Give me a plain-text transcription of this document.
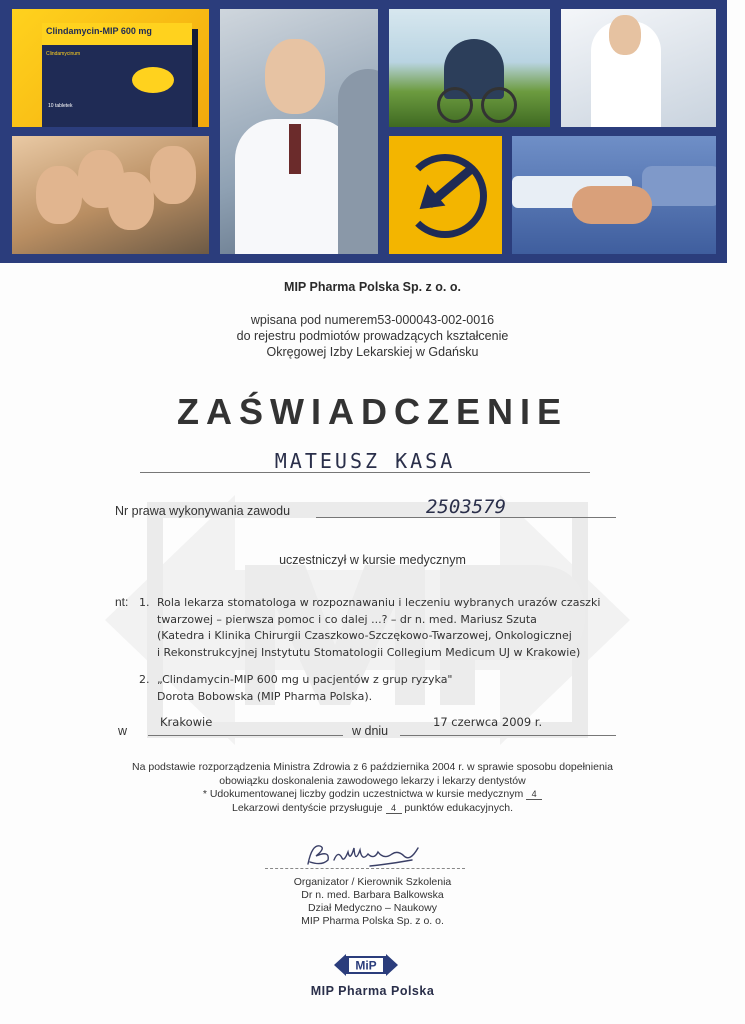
Clindamycin-MIP 600 mg
Clindamycinum
10 tabletek
MIP Pharma Polska Sp. z o. o.
wpisana pod numerem53-000043-002-0016
do rejestru podmiotów prowadzących kształcenie
Okręgowej Izby Lekarskiej w Gdańsku
ZAŚWIADCZENIE
MATEUSZ KASA
Nr prawa wykonywania zawodu	2503579
uczestniczył w kursie medycznym
nt: 1. Rola lekarza stomatologa w rozpoznawaniu i leczeniu wybranych urazów czaszki
twarzowej – pierwsza pomoc i co dalej ...? – dr n. med. Mariusz Szuta
(Katedra i Klinika Chirurgii Czaszkowo-Szczękowo-Twarzowej, Onkologicznej
i Rekonstrukcyjnej Instytutu Stomatologii Collegium Medicum UJ w Krakowie)
2. „Clindamycin-MIP 600 mg u pacjentów z grup ryzyka"
Dorota Bobowska (MIP Pharma Polska).
w
Krakowie
w dniu
17 czerwca 2009 r.
Na podstawie rozporządzenia Ministra Zdrowia z 6 października 2004 r. w sprawie sposobu dopełnienia
obowiązku doskonalenia zawodowego lekarzy i lekarzy dentystów
* Udokumentowanej liczby godzin uczestnictwa w kursie medycznym 4
Lekarzowi dentyście przysługuje 4 punktów edukacyjnych.
Organizator / Kierownik Szkolenia
Dr n. med. Barbara Balkowska
Dział Medyczno – Naukowy
MIP Pharma Polska Sp. z o. o.
MiP
MIP Pharma Polska
